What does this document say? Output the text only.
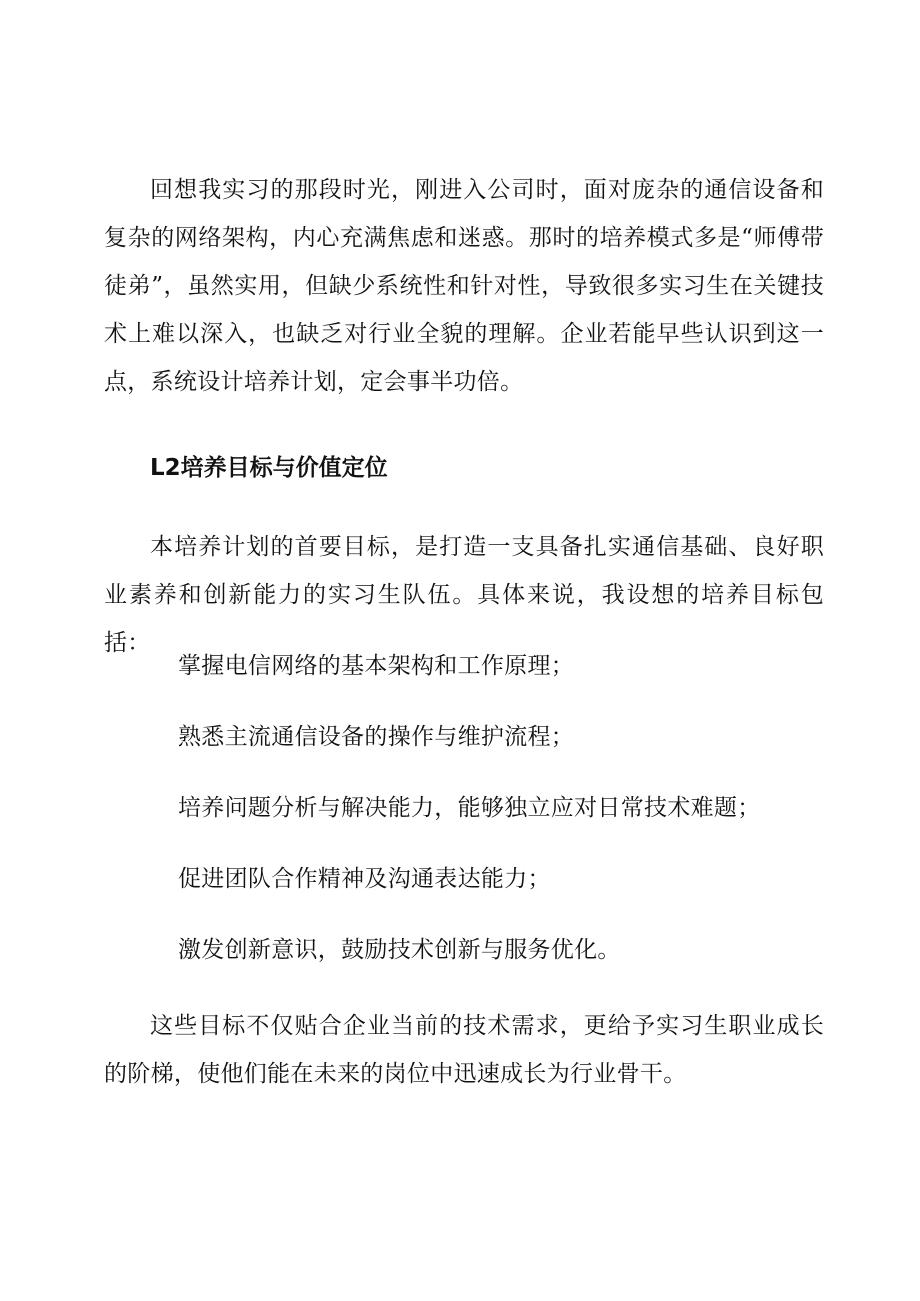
回想我实习的那段时光，刚进入公司时，面对庞杂的通信设备和复杂的网络架构，内心充满焦虑和迷惑。那时的培养模式多是“师傅带徒弟”，虽然实用，但缺少系统性和针对性，导致很多实习生在关键技术上难以深入，也缺乏对行业全貌的理解。企业若能早些认识到这一点，系统设计培养计划，定会事半功倍。

L2培养目标与价值定位

本培养计划的首要目标，是打造一支具备扎实通信基础、良好职业素养和创新能力的实习生队伍。具体来说，我设想的培养目标包括：

掌握电信网络的基本架构和工作原理；
熟悉主流通信设备的操作与维护流程；
培养问题分析与解决能力，能够独立应对日常技术难题；
促进团队合作精神及沟通表达能力；
激发创新意识，鼓励技术创新与服务优化。

这些目标不仅贴合企业当前的技术需求，更给予实习生职业成长的阶梯，使他们能在未来的岗位中迅速成长为行业骨干。
